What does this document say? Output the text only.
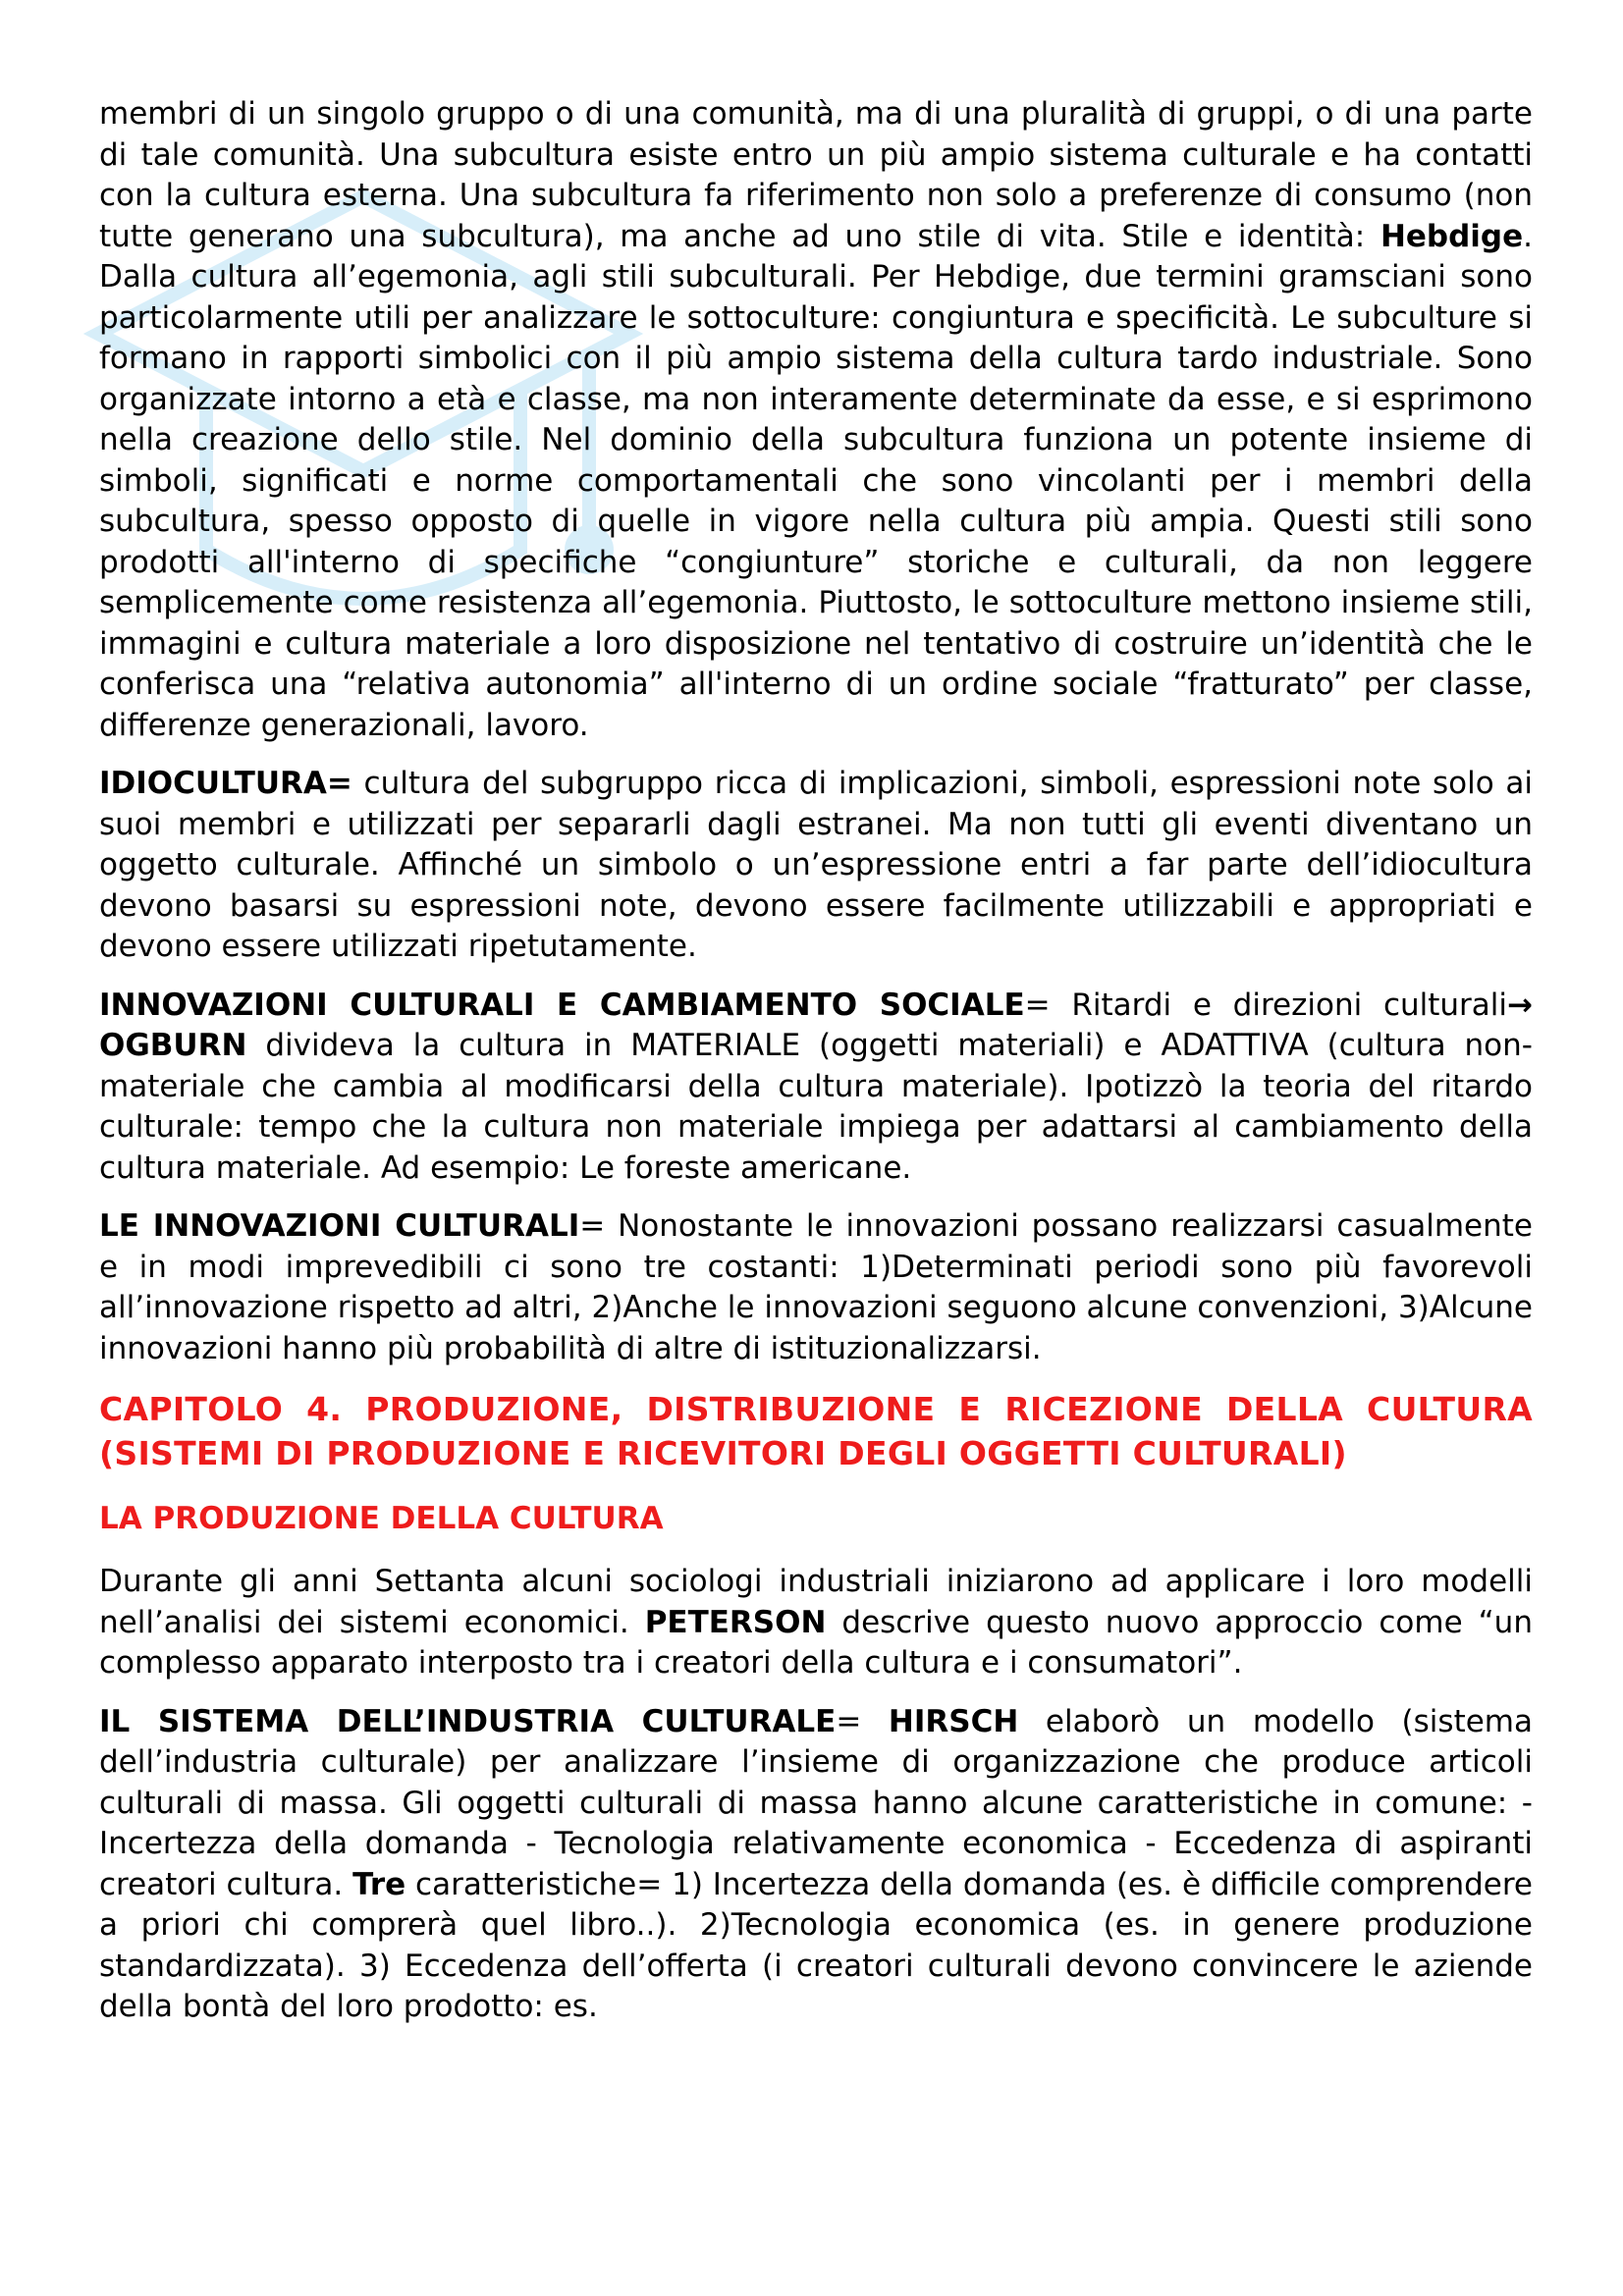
membri di un singolo gruppo o di una comunità, ma di una pluralità di gruppi, o di una parte di tale comunità. Una subcultura esiste entro un più ampio sistema culturale e ha contatti con la cultura esterna. Una subcultura fa riferimento non solo a preferenze di consumo (non tutte generano una subcultura), ma anche ad uno stile di vita. Stile e identità: Hebdige. Dalla cultura all’egemonia, agli stili subculturali. Per Hebdige, due termini gramsciani sono particolarmente utili per analizzare le sottoculture: congiuntura e specificità. Le subculture si formano in rapporti simbolici con il più ampio sistema della cultura tardo industriale. Sono organizzate intorno a età e classe, ma non interamente determinate da esse, e si esprimono nella creazione dello stile. Nel dominio della subcultura funziona un potente insieme di simboli, significati e norme comportamentali che sono vincolanti per i membri della subcultura, spesso opposto di quelle in vigore nella cultura più ampia. Questi stili sono prodotti all'interno di specifiche “congiunture” storiche e culturali, da non leggere semplicemente come resistenza all’egemonia. Piuttosto, le sottoculture mettono insieme stili, immagini e cultura materiale a loro disposizione nel tentativo di costruire un’identità che le conferisca una “relativa autonomia” all'interno di un ordine sociale “fratturato” per classe, differenze generazionali, lavoro.

IDIOCULTURA= cultura del subgruppo ricca di implicazioni, simboli, espressioni note solo ai suoi membri e utilizzati per separarli dagli estranei. Ma non tutti gli eventi diventano un oggetto culturale. Affinché un simbolo o un’espressione entri a far parte dell’idiocultura devono basarsi su espressioni note, devono essere facilmente utilizzabili e appropriati e devono essere utilizzati ripetutamente.

INNOVAZIONI CULTURALI E CAMBIAMENTO SOCIALE= Ritardi e direzioni culturali→ OGBURN divideva la cultura in MATERIALE (oggetti materiali) e ADATTIVA (cultura non-materiale che cambia al modificarsi della cultura materiale). Ipotizzò la teoria del ritardo culturale: tempo che la cultura non materiale impiega per adattarsi al cambiamento della cultura materiale. Ad esempio: Le foreste americane.

LE INNOVAZIONI CULTURALI= Nonostante le innovazioni possano realizzarsi casualmente e in modi imprevedibili ci sono tre costanti: 1)Determinati periodi sono più favorevoli all’innovazione rispetto ad altri, 2)Anche le innovazioni seguono alcune convenzioni, 3)Alcune innovazioni hanno più probabilità di altre di istituzionalizzarsi.

CAPITOLO 4. PRODUZIONE, DISTRIBUZIONE E RICEZIONE DELLA CULTURA (SISTEMI DI PRODUZIONE E RICEVITORI DEGLI OGGETTI CULTURALI)
LA PRODUZIONE DELLA CULTURA

Durante gli anni Settanta alcuni sociologi industriali iniziarono ad applicare i loro modelli nell’analisi dei sistemi economici. PETERSON descrive questo nuovo approccio come “un complesso apparato interposto tra i creatori della cultura e i consumatori”.

IL SISTEMA DELL’INDUSTRIA CULTURALE= HIRSCH elaborò un modello (sistema dell’industria culturale) per analizzare l’insieme di organizzazione che produce articoli culturali di massa. Gli oggetti culturali di massa hanno alcune caratteristiche in comune: - Incertezza della domanda - Tecnologia relativamente economica - Eccedenza di aspiranti creatori cultura. Tre caratteristiche= 1) Incertezza della domanda (es. è difficile comprendere a priori chi comprerà quel libro..). 2)Tecnologia economica (es. in genere produzione standardizzata). 3) Eccedenza dell’offerta (i creatori culturali devono convincere le aziende della bontà del loro prodotto: es.
